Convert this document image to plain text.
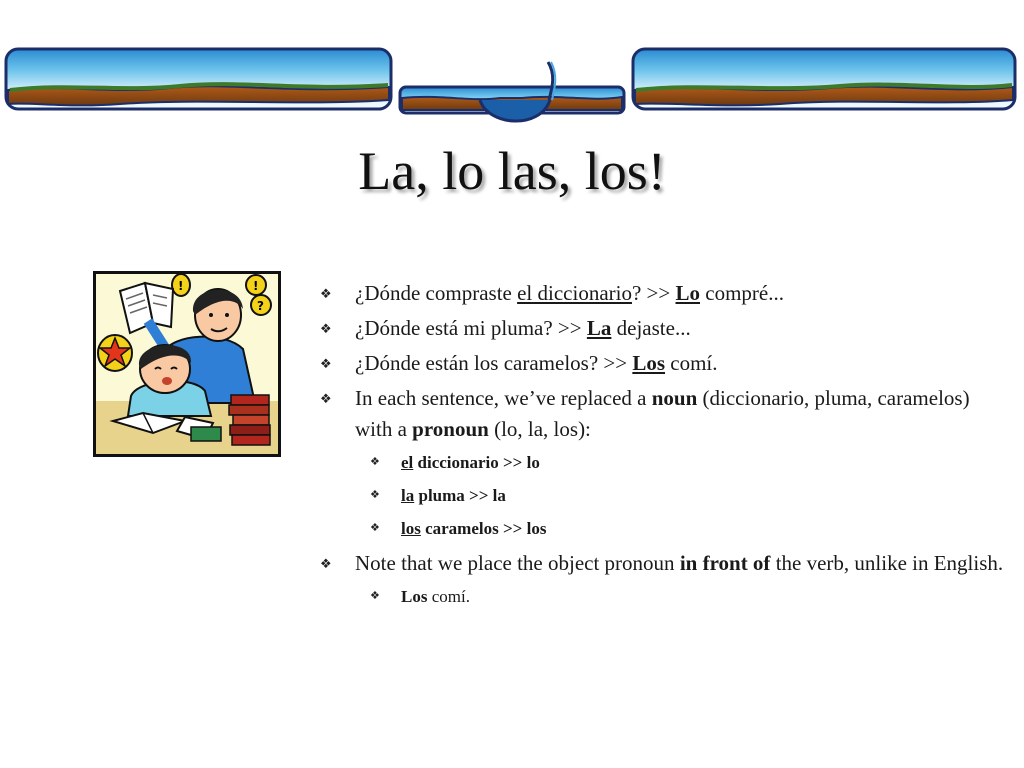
La, lo las, los!
!	!
?
❖ ¿Dónde compraste el diccionario? >> Lo compré...
❖ ¿Dónde está mi pluma? >> La dejaste...
❖ ¿Dónde están los caramelos? >> Los comí.
❖ In each sentence, we’ve replaced a noun (diccionario, pluma, caramelos) with a pronoun (lo, la, los):
❖ el diccionario >> lo
❖ la pluma >> la
❖ los caramelos >> los
❖ Note that we place the object pronoun in front of the verb, unlike in English.
❖ Los comí.
